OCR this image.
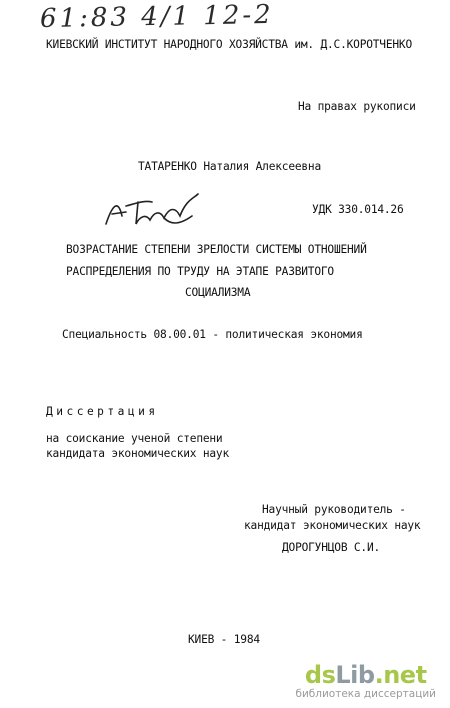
61:83 4/1 12-2
КИЕВСКИЙ ИНСТИТУТ НАРОДНОГО ХОЗЯЙСТВА им. Д.С.КОРОТЧЕНКО
На правах рукописи
ТАТАРЕНКО Наталия Алексеевна
УДК 330.014.26
ВОЗРАСТАНИЕ СТЕПЕНИ ЗРЕЛОСТИ СИСТЕМЫ ОТНОШЕНИЙ
РАСПРЕДЕЛЕНИЯ ПО ТРУДУ НА ЭТАПЕ РАЗВИТОГО
СОЦИАЛИЗМА
Специальность 08.00.01 - политическая экономия
Диссертация
на соискание ученой степени
кандидата экономических наук
Научный руководитель -
кандидат экономических наук
ДОРОГУНЦОВ С.И.
КИЕВ - 1984
dsLib.net
библиотека диссертаций
